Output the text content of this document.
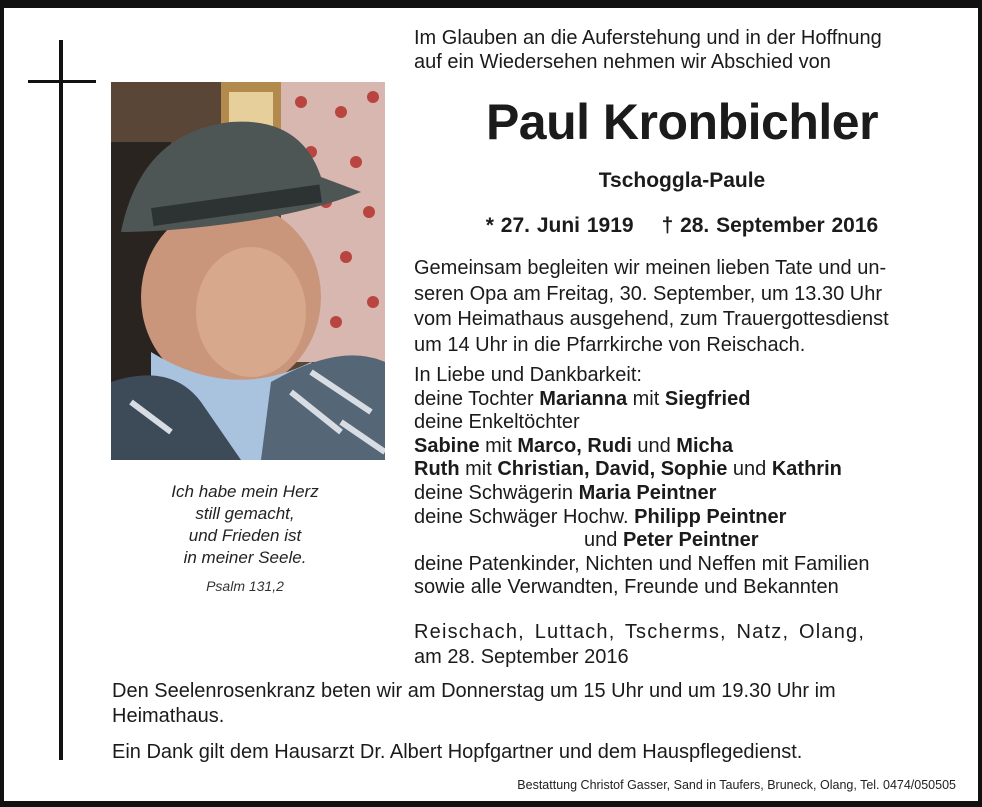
Ich habe mein Herz
still gemacht,
und Frieden ist
in meiner Seele.
Psalm 131,2
Im Glauben an die Auferstehung und in der Hoffnung
auf ein Wiedersehen nehmen wir Abschied von
Paul Kronbichler
Tschoggla-Paule
* 27. Juni 1919 † 28. September 2016
Gemeinsam begleiten wir meinen lieben Tate und un-
seren Opa am Freitag, 30. September, um 13.30 Uhr
vom Heimathaus ausgehend, zum Trauergottesdienst
um 14 Uhr in die Pfarrkirche von Reischach.
In Liebe und Dankbarkeit:
deine Tochter Marianna mit Siegfried
deine Enkeltöchter
Sabine mit Marco, Rudi und Micha
Ruth mit Christian, David, Sophie und Kathrin
deine Schwägerin Maria Peintner
deine Schwäger Hochw. Philipp Peintner
und Peter Peintner
deine Patenkinder, Nichten und Neffen mit Familien
sowie alle Verwandten, Freunde und Bekannten
Reischach, Luttach, Tscherms, Natz, Olang,
am 28. September 2016
Den Seelenrosenkranz beten wir am Donnerstag um 15 Uhr und um 19.30 Uhr im
Heimathaus.
Ein Dank gilt dem Hausarzt Dr. Albert Hopfgartner und dem Hauspflegedienst.
Bestattung Christof Gasser, Sand in Taufers, Bruneck, Olang, Tel. 0474/050505
